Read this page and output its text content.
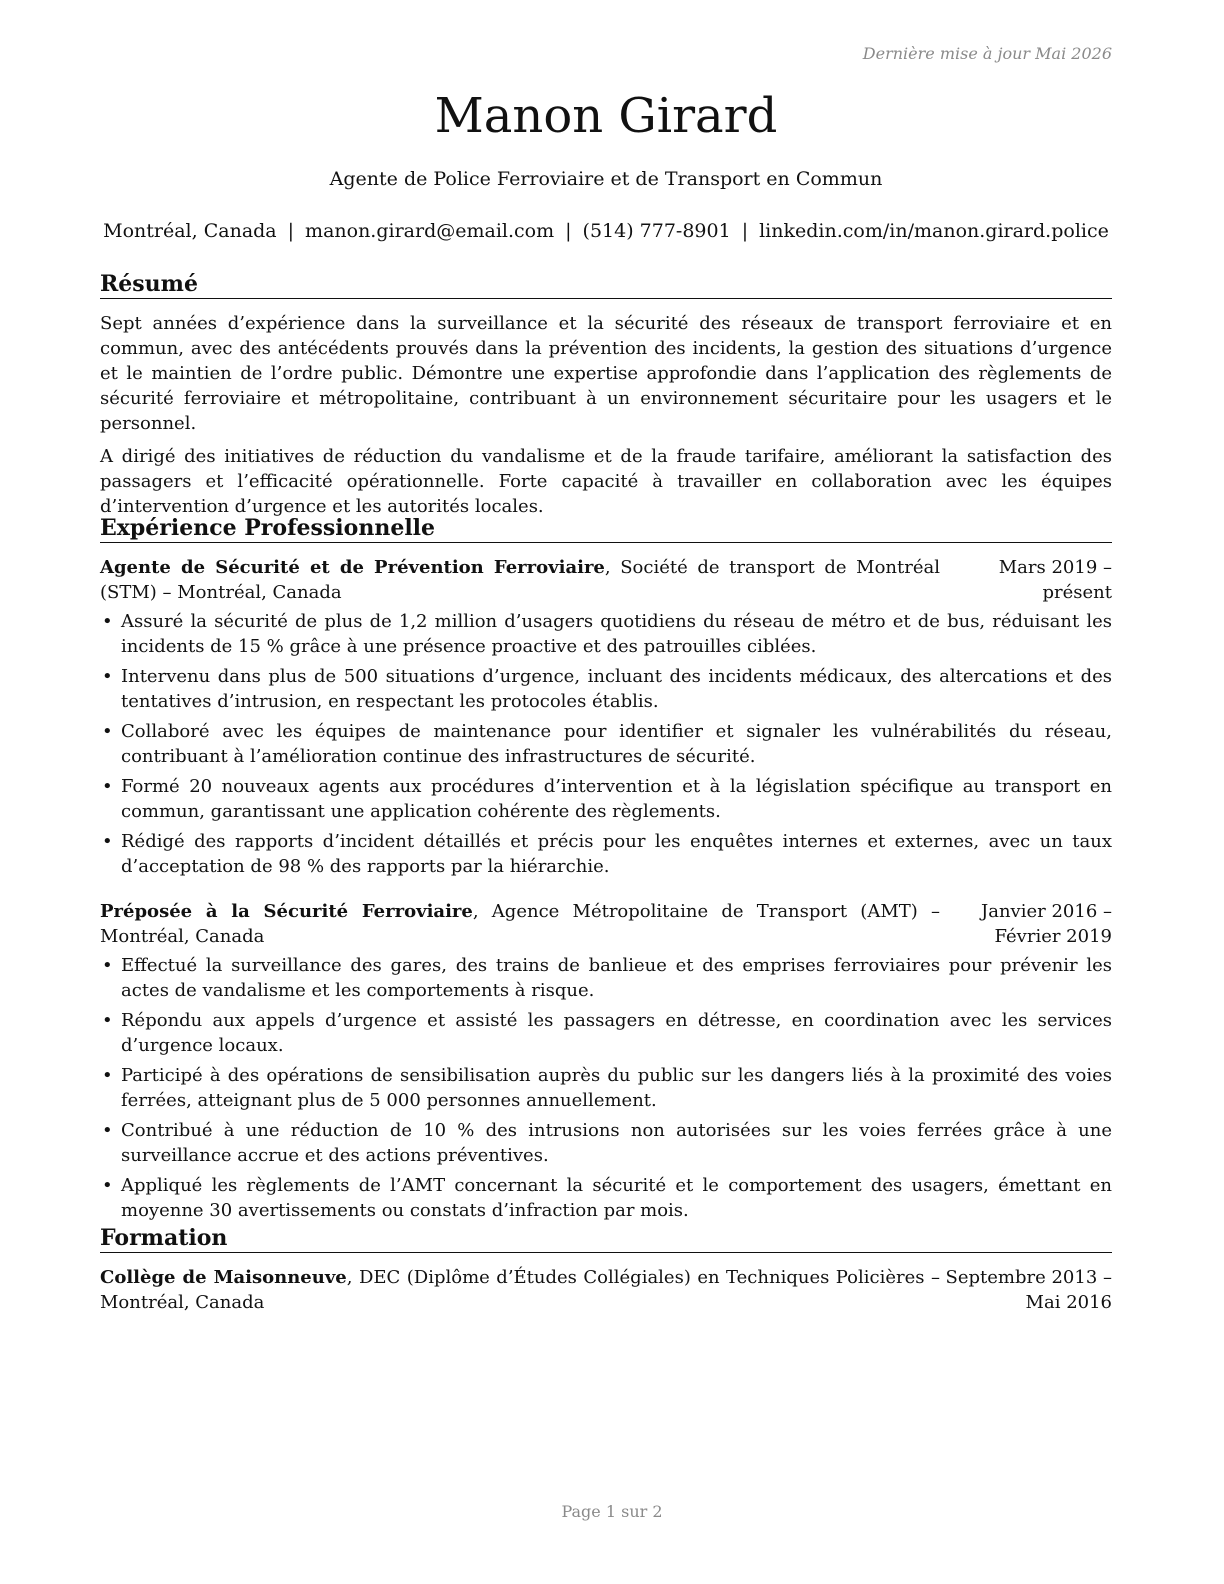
Dernière mise à jour Mai 2026
Manon Girard
Agente de Police Ferroviaire et de Transport en Commun
Montréal, Canada | manon.girard@email.com | (514) 777-8901 | linkedin.com/in/manon.girard.police
Résumé

Sept années d’expérience dans la surveillance et la sécurité des réseaux de transport ferroviaire et en commun, avec des antécédents prouvés dans la prévention des incidents, la gestion des situations d’urgence et le maintien de l’ordre public. Démontre une expertise approfondie dans l’application des règlements de sécurité ferroviaire et métropolitaine, contribuant à un environnement sécuritaire pour les usagers et le personnel.

A dirigé des initiatives de réduction du vandalisme et de la fraude tarifaire, améliorant la satisfaction des passagers et l’efficacité opérationnelle. Forte capacité à travailler en collaboration avec les équipes d’intervention d’urgence et les autorités locales.

Expérience Professionnelle
Agente de Sécurité et de Prévention Ferroviaire, Société de transport de Montréal (STM) – Montréal, Canada
Mars 2019 – présent
• Assuré la sécurité de plus de 1,2 million d’usagers quotidiens du réseau de métro et de bus, réduisant les incidents de 15 % grâce à une présence proactive et des patrouilles ciblées.
• Intervenu dans plus de 500 situations d’urgence, incluant des incidents médicaux, des altercations et des tentatives d’intrusion, en respectant les protocoles établis.
• Collaboré avec les équipes de maintenance pour identifier et signaler les vulnérabilités du réseau, contribuant à l’amélioration continue des infrastructures de sécurité.
• Formé 20 nouveaux agents aux procédures d’intervention et à la législation spécifique au transport en commun, garantissant une application cohérente des règlements.
• Rédigé des rapports d’incident détaillés et précis pour les enquêtes internes et externes, avec un taux d’acceptation de 98 % des rapports par la hiérarchie.
Préposée à la Sécurité Ferroviaire, Agence Métropolitaine de Transport (AMT) – Montréal, Canada
Janvier 2016 – Février 2019
• Effectué la surveillance des gares, des trains de banlieue et des emprises ferroviaires pour prévenir les actes de vandalisme et les comportements à risque.
• Répondu aux appels d’urgence et assisté les passagers en détresse, en coordination avec les services d’urgence locaux.
• Participé à des opérations de sensibilisation auprès du public sur les dangers liés à la proximité des voies ferrées, atteignant plus de 5 000 personnes annuellement.
• Contribué à une réduction de 10 % des intrusions non autorisées sur les voies ferrées grâce à une surveillance accrue et des actions préventives.
• Appliqué les règlements de l’AMT concernant la sécurité et le comportement des usagers, émettant en moyenne 30 avertissements ou constats d’infraction par mois.
Formation
Collège de Maisonneuve, DEC (Diplôme d’Études Collégiales) en Techniques Policières – Montréal, Canada
Septembre 2013 – Mai 2016
Page 1 sur 2
